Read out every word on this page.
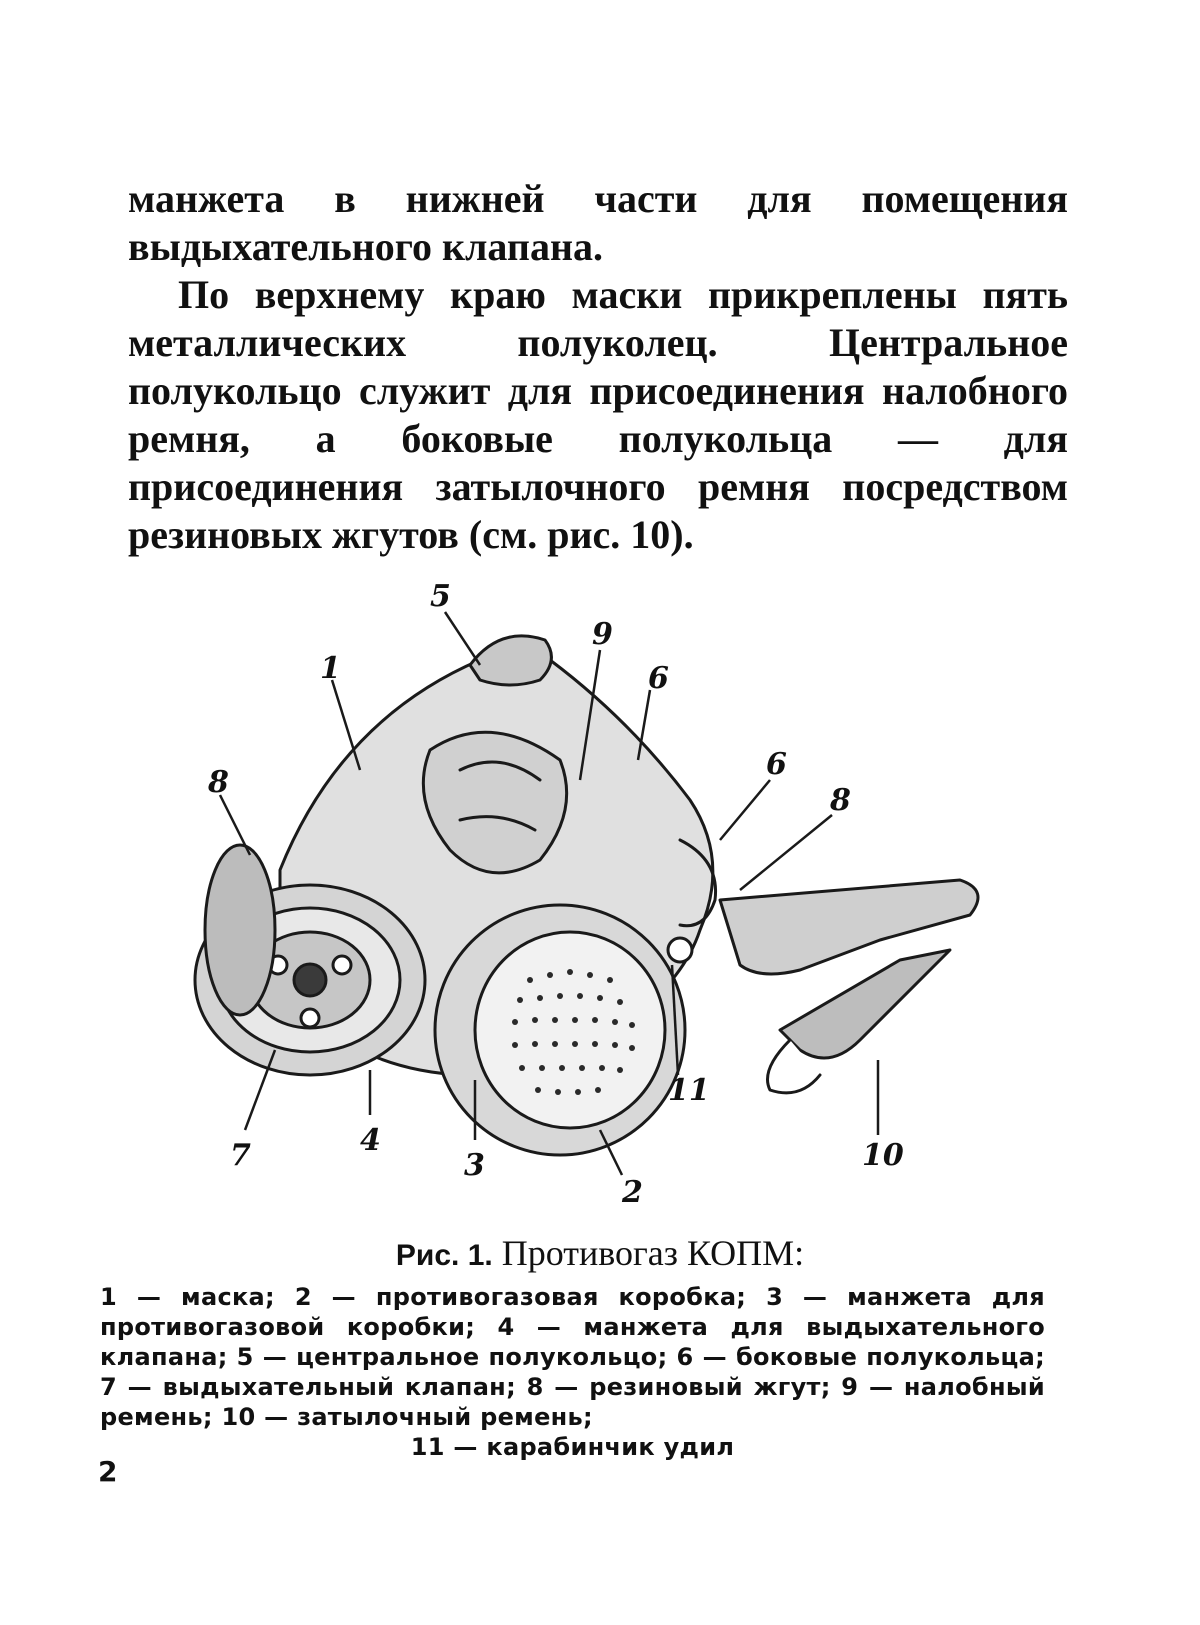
манжета в нижней части для помещения выдыхательного клапана.

По верхнему краю маски прикреплены пять металлических полуколец. Центральное полукольцо служит для присоединения налобного ремня, а боковые полукольца — для присоединения затылочного ремня посредством резиновых жгутов (см. рис. 10).

5
1
9
6
8
6
8
7	4
3
2
11
10
Рис. 1. Противогаз КОПМ:
1 — маска; 2 — противогазовая коробка; 3 — манжета для противогазовой коробки; 4 — манжета для выдыхательного клапана; 5 — центральное полукольцо; 6 — боковые полукольца; 7 — выдыхательный клапан; 8 — резиновый жгут; 9 — налобный ремень; 10 — затылочный ремень;
11 — карабинчик удил
2
